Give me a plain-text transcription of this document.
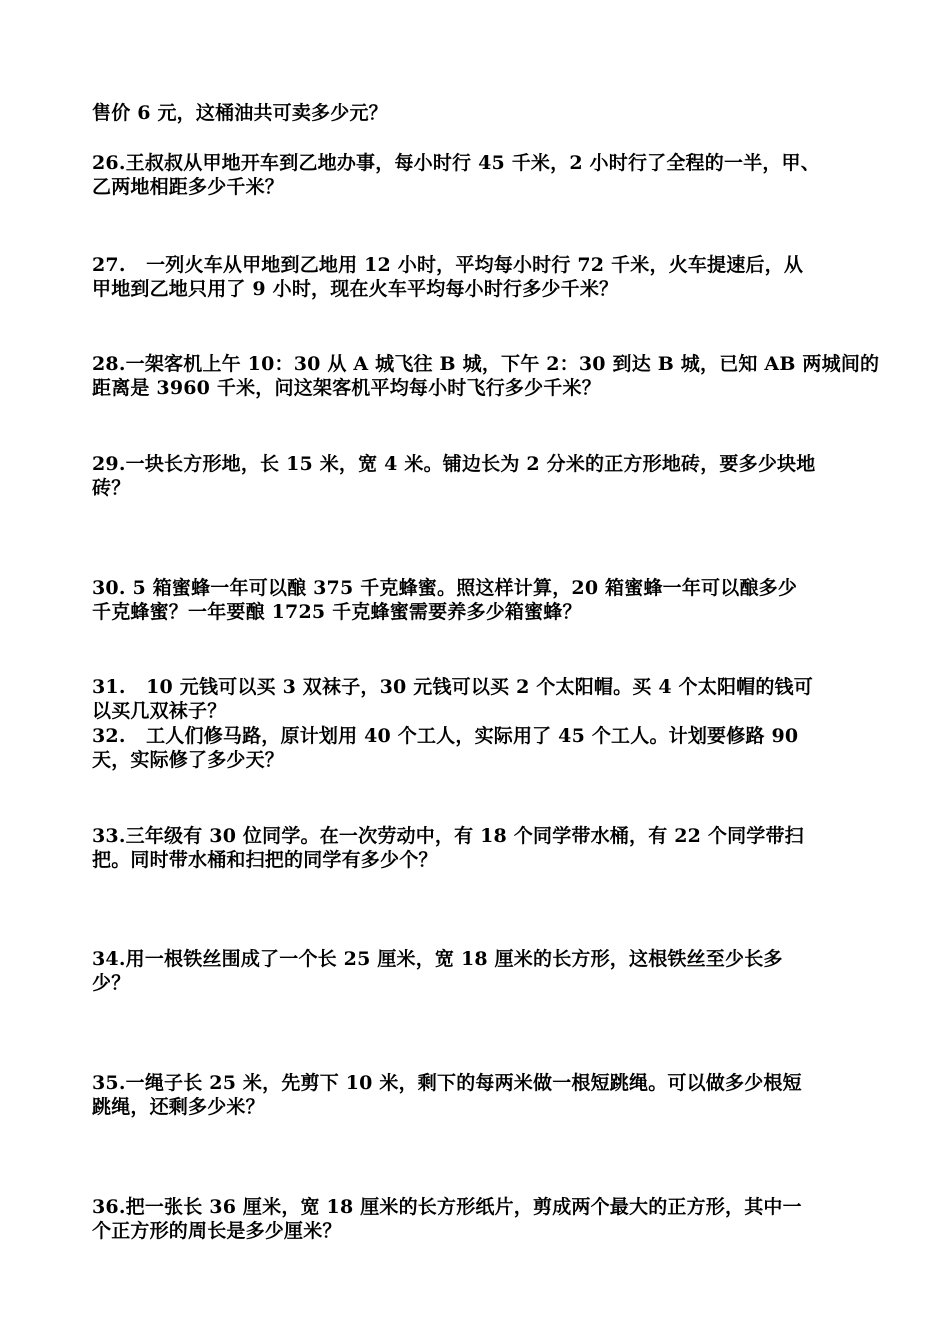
售价 6 元，这桶油共可卖多少元？
26.王叔叔从甲地开车到乙地办事，每小时行 45 千米，2 小时行了全程的一半，甲、
乙两地相距多少千米？
27.   一列火车从甲地到乙地用 12 小时，平均每小时行 72 千米，火车提速后，从
甲地到乙地只用了 9 小时，现在火车平均每小时行多少千米？
28.一架客机上午 10：30 从 A 城飞往 B 城，下午 2：30 到达 B 城，已知 AB 两城间的
距离是 3960 千米，问这架客机平均每小时飞行多少千米？
29.一块长方形地，长 15 米，宽 4 米。铺边长为 2 分米的正方形地砖，要多少块地
砖？
30. 5 箱蜜蜂一年可以酿 375 千克蜂蜜。照这样计算，20 箱蜜蜂一年可以酿多少
千克蜂蜜？一年要酿 1725 千克蜂蜜需要养多少箱蜜蜂？
31.   10 元钱可以买 3 双袜子，30 元钱可以买 2 个太阳帽。买 4 个太阳帽的钱可
以买几双袜子？
32.   工人们修马路，原计划用 40 个工人，实际用了 45 个工人。计划要修路 90
天，实际修了多少天？
33.三年级有 30 位同学。在一次劳动中，有 18 个同学带水桶，有 22 个同学带扫
把。同时带水桶和扫把的同学有多少个？
34.用一根铁丝围成了一个长 25 厘米，宽 18 厘米的长方形，这根铁丝至少长多
少？
35.一绳子长 25 米，先剪下 10 米，剩下的每两米做一根短跳绳。可以做多少根短
跳绳，还剩多少米？
36.把一张长 36 厘米，宽 18 厘米的长方形纸片，剪成两个最大的正方形，其中一
个正方形的周长是多少厘米？
